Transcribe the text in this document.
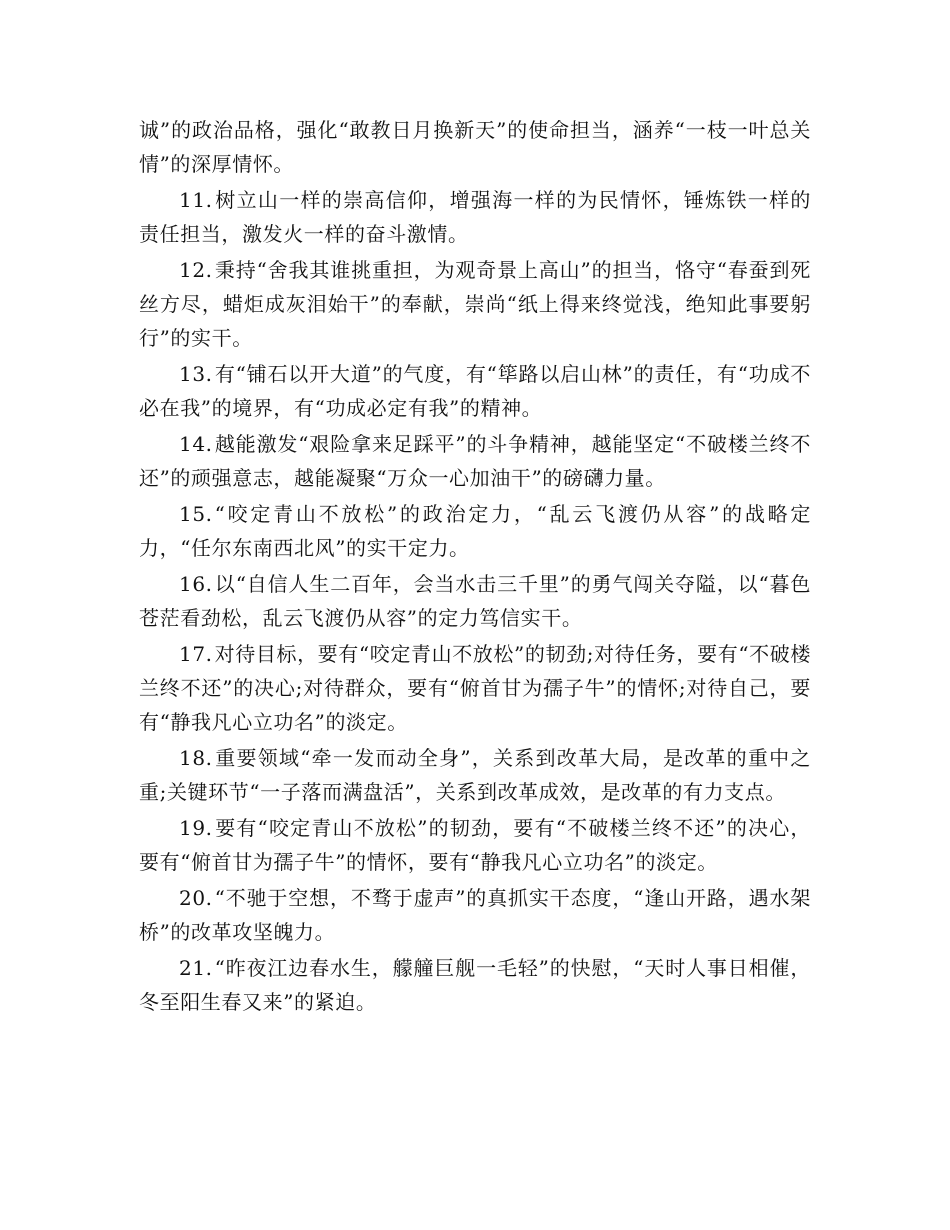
诚”的政治品格，强化“敢教日月换新天”的使命担当，涵养“一枝一叶总关情”的深厚情怀。

11. 树立山一样的崇高信仰，增强海一样的为民情怀，锤炼铁一样的责任担当，激发火一样的奋斗激情。

12. 秉持“舍我其谁挑重担，为观奇景上高山”的担当，恪守“春蚕到死丝方尽，蜡炬成灰泪始干”的奉献，崇尚“纸上得来终觉浅，绝知此事要躬行”的实干。

13. 有“铺石以开大道”的气度，有“筚路以启山林”的责任，有“功成不必在我”的境界，有“功成必定有我”的精神。

14. 越能激发“艰险拿来足踩平”的斗争精神，越能坚定“不破楼兰终不还”的顽强意志，越能凝聚“万众一心加油干”的磅礴力量。

15. “咬定青山不放松”的政治定力，“乱云飞渡仍从容”的战略定力，“任尔东南西北风”的实干定力。

16. 以“自信人生二百年，会当水击三千里”的勇气闯关夺隘，以“暮色苍茫看劲松，乱云飞渡仍从容”的定力笃信实干。

17. 对待目标，要有“咬定青山不放松”的韧劲;对待任务，要有“不破楼兰终不还”的决心;对待群众，要有“俯首甘为孺子牛”的情怀;对待自己，要有“静我凡心立功名”的淡定。

18. 重要领域“牵一发而动全身”，关系到改革大局，是改革的重中之重;关键环节“一子落而满盘活”，关系到改革成效，是改革的有力支点。

19. 要有“咬定青山不放松”的韧劲，要有“不破楼兰终不还”的决心，要有“俯首甘为孺子牛”的情怀，要有“静我凡心立功名”的淡定。

20. “不驰于空想，不骛于虚声”的真抓实干态度，“逢山开路，遇水架桥”的改革攻坚魄力。

21. “昨夜江边春水生，艨艟巨舰一毛轻”的快慰，“天时人事日相催，冬至阳生春又来”的紧迫。
